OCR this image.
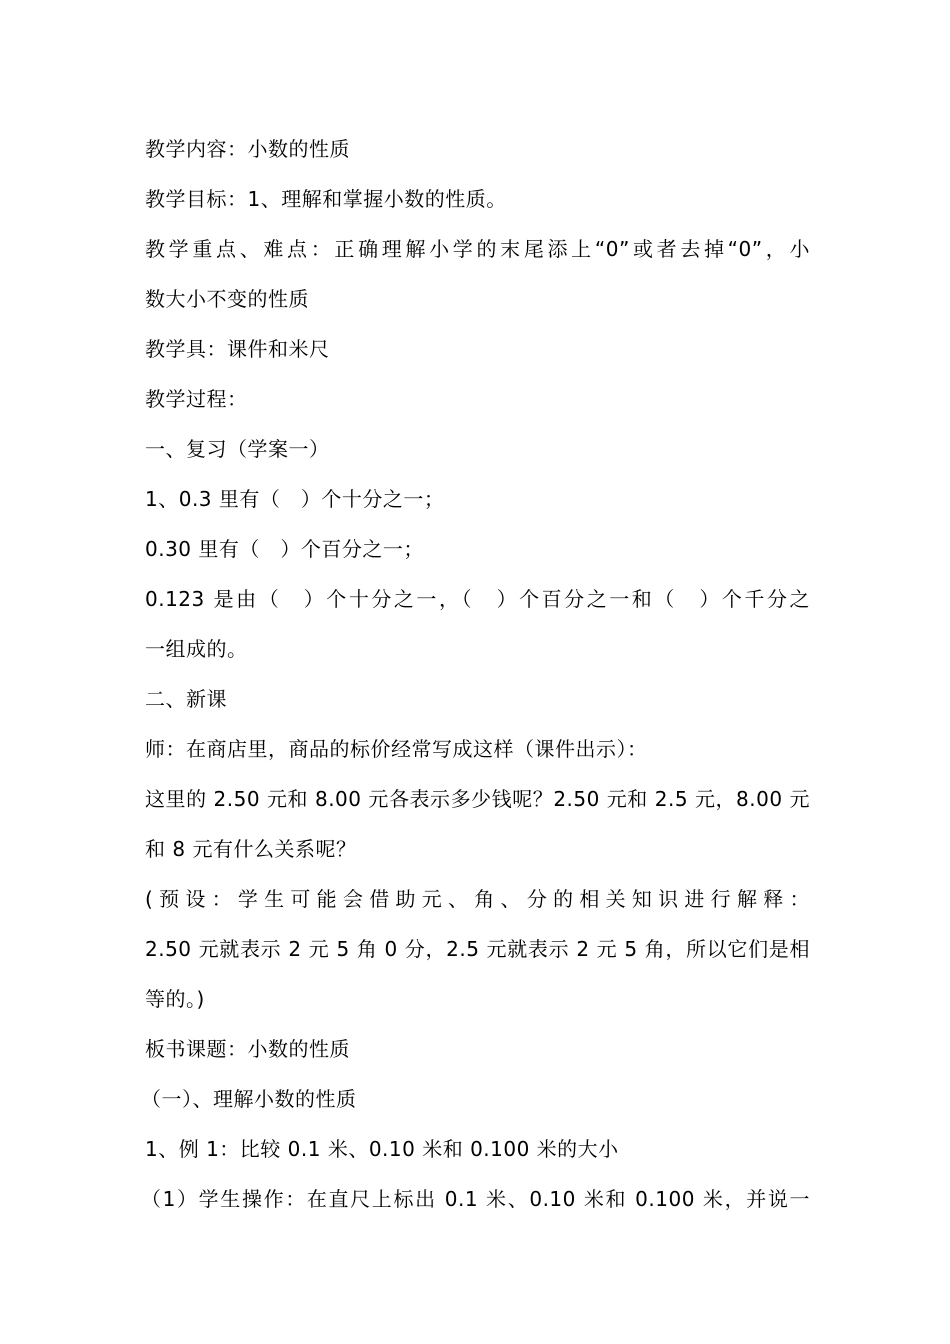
教学内容：小数的性质
教学目标：1、理解和掌握小数的性质。
教学重点、难点：正确理解小学的末尾添上“0”或者去掉“0”，小
数大小不变的性质
教学具：课件和米尺
教学过程：
一、复习（学案一）
1、0.3 里有（　）个十分之一；
0.30 里有（　）个百分之一；
0.123 是由（　）个十分之一，（　）个百分之一和（　）个千分之
一组成的。
二、新课
师：在商店里，商品的标价经常写成这样（课件出示）：
这里的 2.50 元和 8.00 元各表示多少钱呢？2.50 元和 2.5 元，8.00 元
和 8 元有什么关系呢？
(预设：学生可能会借助元、角、分的相关知识进行解释：
2.50 元就表示 2 元 5 角 0 分，2.5 元就表示 2 元 5 角，所以它们是相
等的。)
板书课题：小数的性质
（一）、理解小数的性质
1、例 1：比较 0.1 米、0.10 米和 0.100 米的大小
（1）学生操作：在直尺上标出 0.1 米、0.10 米和 0.100 米，并说一
